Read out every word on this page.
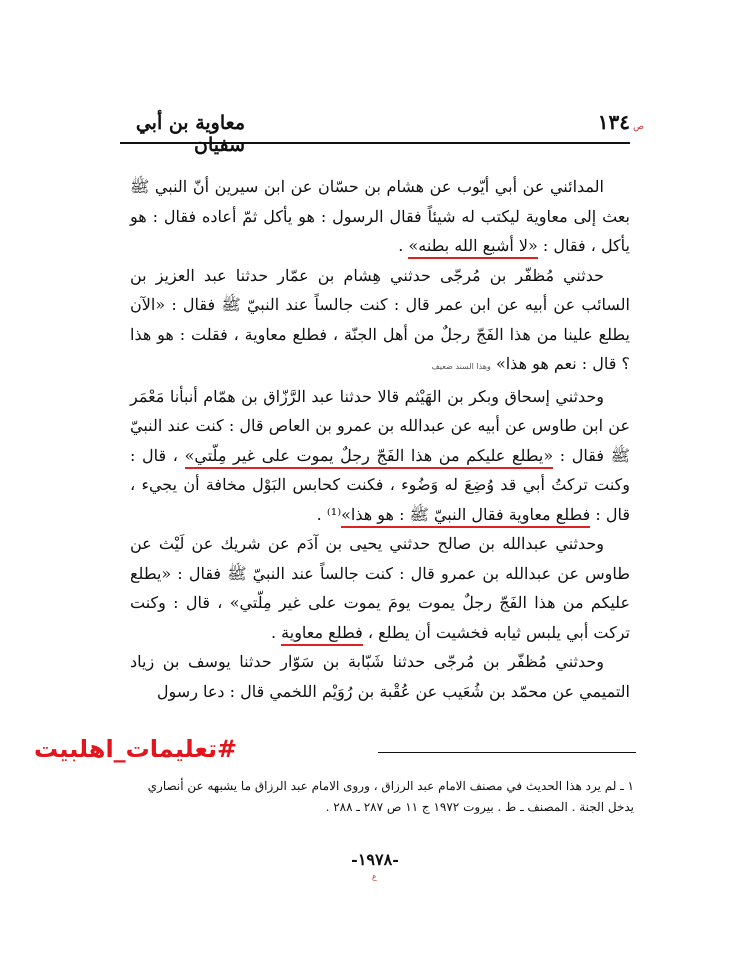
معاوية بن أبي سفيان
١٣٤ ص

المدائني عن أبي أيّوب عن هشام بن حسّان عن ابن سيرين أنّ النبي ﷺ بعث إلى معاوية ليكتب له شيئاً فقال الرسول : هو يأكل ثمّ أعاده فقال : هو يأكل ، فقال : «لا أشبع الله بطنه» .

حدثني مُظفّر بن مُرجّى حدثني هِشام بن عمّار حدثنا عبد العزيز بن السائب عن أبيه عن ابن عمر قال : كنت جالساً عند النبيّ ﷺ فقال : «الآن يطلع علينا من هذا الفَجّ رجلٌ من أهل الجنّة ، فطلع معاوية ، فقلت : هو هذا ؟ قال : نعم هو هذا» وهذا السند ضعيف

وحدثني إسحاق وبكر بن الهَيْثم قالا حدثنا عبد الرَّزّاق بن همّام أنبأنا مَعْمَر عن ابن طاوس عن أبيه عن عبدالله بن عمرو بن العاص قال : كنت عند النبيّ ﷺ فقال : «يطلع عليكم من هذا الفَجّ رجلٌ يموت على غير مِلّتي» ، قال : وكنت تركتُ أبي قد وُضِعَ له وَضُوء ، فكنت كحابس البَوْل مخافة أن يجيء ، قال : فطلع معاوية فقال النبيّ ﷺ : هو هذا»⁽¹⁾ .

وحدثني عبدالله بن صالح حدثني يحيى بن آدَم عن شريك عن لَيْث عن طاوس عن عبدالله بن عمرو قال : كنت جالساً عند النبيّ ﷺ فقال : «يطلع عليكم من هذا الفَجّ رجلٌ يموت يومَ يموت على غير مِلّتي» ، قال : وكنت تركت أبي يلبس ثيابه فخشيت أن يطلع ، فطلع معاوية .

وحدثني مُظفّر بن مُرجّى حدثنا شَبّابة بن سَوّار حدثنا يوسف بن زياد التميمي عن محمّد بن شُعَيب عن عُقْبة بن رُوَيْم اللخمي قال : دعا رسول

#تعليمات_اهلبيت

١ ـ لم يرد هذا الحديث في مصنف الامام عبد الرزاق ، وروى الامام عبد الرزاق ما يشبهه عن أنصاري يدخل الجنة . المصنف ـ ط . بيروت ١٩٧٢ ج ١١ ص ٢٨٧ ـ ٢٨٨ .

-١٩٧٨-
ع
